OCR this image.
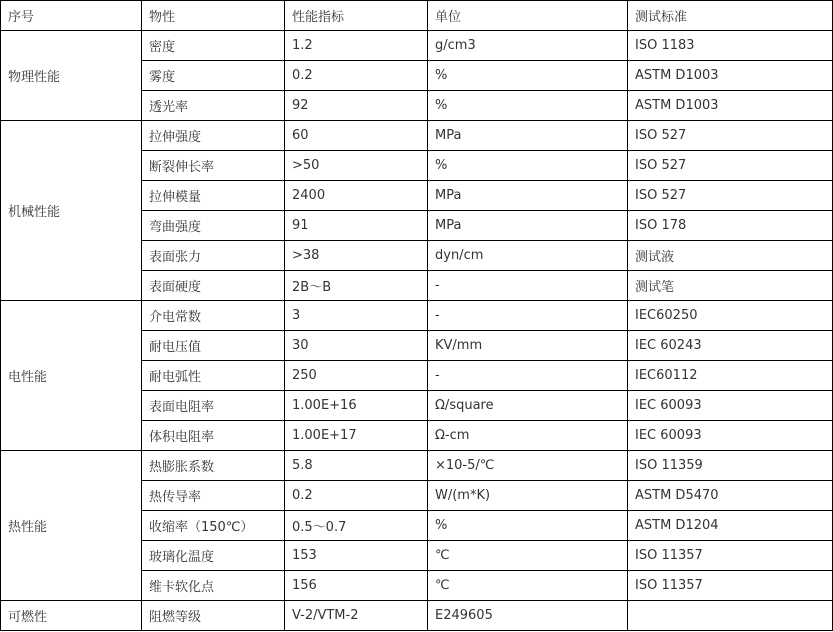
序号	物性	性能指标	单位	测试标准
物理性能	密度	1.2	g/cm3	ISO 1183
	雾度	0.2	%	ASTM D1003
	透光率	92	%	ASTM D1003
机械性能	拉伸强度	60	MPa	ISO 527
	断裂伸长率	>50	%	ISO 527
	拉伸模量	2400	MPa	ISO 527
	弯曲强度	91	MPa	ISO 178
	表面张力	>38	dyn/cm	测试液
	表面硬度	2B～B	-	测试笔
电性能	介电常数	3	-	IEC60250
	耐电压值	30	KV/mm	IEC 60243
	耐电弧性	250	-	IEC60112
	表面电阻率	1.00E+16	Ω/square	IEC 60093
	体积电阻率	1.00E+17	Ω-cm	IEC 60093
热性能	热膨胀系数	5.8	×10-5/℃	ISO 11359
	热传导率	0.2	W/(m*K)	ASTM D5470
	收缩率（150℃）	0.5～0.7	%	ASTM D1204
	玻璃化温度	153	℃	ISO 11357
	维卡软化点	156	℃	ISO 11357
可燃性	阻燃等级	V-2/VTM-2	E249605	
